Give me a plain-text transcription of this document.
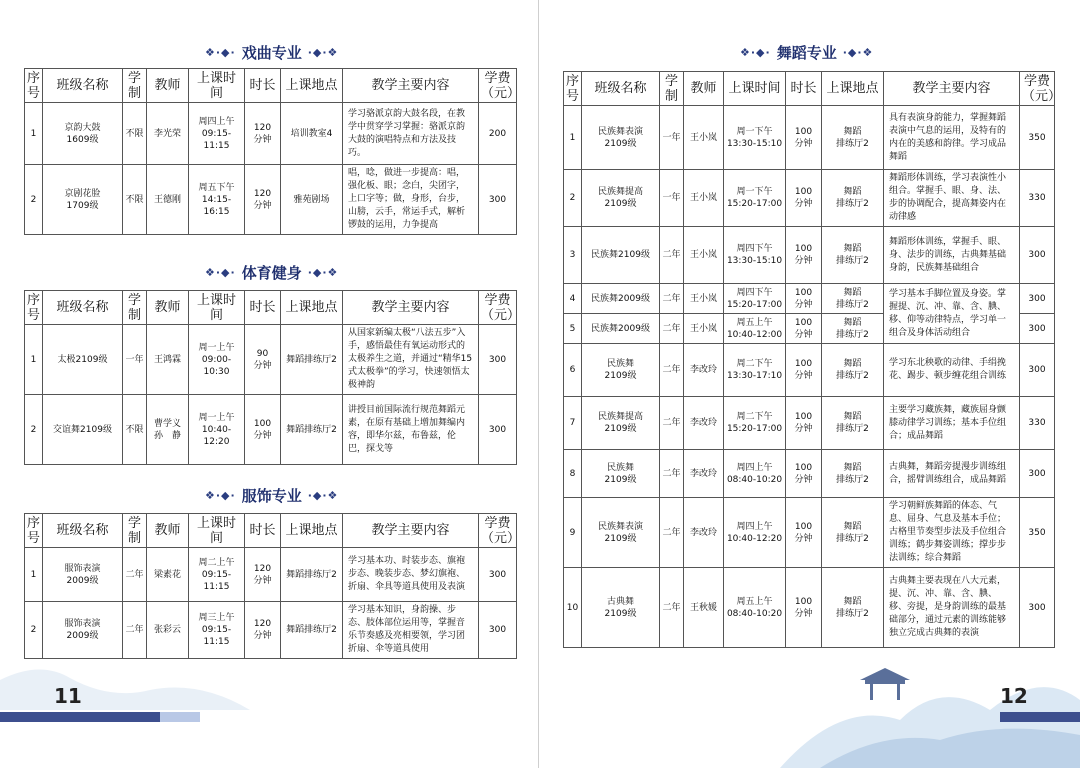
❖·◆· 戏曲专业 ·◆·❖
序
号	班级名称	学
制	教师	上课时间	时长	上课地点	教学主要内容	学费
（元）
1	京韵大鼓
1609级	不限	李光荣	周四上午
09:15-11:15	120
分钟	培训教室4	学习骆派京韵大鼓名段，在教学中贯穿学习掌握：骆派京韵大鼓的演唱特点和方法及技巧。	200
2	京剧花脸
1709级	不限	王德刚	周五下午
14:15-16:15	120
分钟	雅苑剧场	唱，唸，做进一步提高：唱，强化板、眼；念白，尖团字，上口字等；做，身形，台步，山膀，云手，常运手式，解析锣鼓的运用，力争提高	300
❖·◆· 体育健身 ·◆·❖
序
号	班级名称	学
制	教师	上课时间	时长	上课地点	教学主要内容	学费
（元）
1	太极2109级	一年	王鸿霖	周一上午
09:00-10:30	90
分钟	舞蹈排练厅2	从国家新编太极“八法五步”入手，感悟最佳有氧运动形式的太极养生之道，并通过“精华15式太极拳”的学习，快速领悟太极神韵	300
2	交谊舞2109级	不限	曹学义
孙　静	周一上午
10:40-12:20	100
分钟	舞蹈排练厅2	讲授目前国际流行规范舞蹈元素，在原有基础上增加舞编内容，即华尔兹，布鲁兹，伦巴，探戈等	300
❖·◆· 服饰专业 ·◆·❖
序
号	班级名称	学
制	教师	上课时间	时长	上课地点	教学主要内容	学费
（元）
1	服饰表演
2009级	二年	梁素花	周二上午
09:15-11:15	120
分钟	舞蹈排练厅2	学习基本功、时装步态、旗袍步态、晚装步态、梦幻旗袍、折扇、伞具等道具使用及表演	300
2	服饰表演
2009级	二年	张彩云	周三上午
09:15-11:15	120
分钟	舞蹈排练厅2	学习基本知识，身韵操、步态、肢体部位运用等，掌握音乐节奏感及亮相要领，学习团折扇、伞等道具使用	300
11
❖·◆· 舞蹈专业 ·◆·❖
序
号	班级名称	学
制	教师	上课时间	时长	上课地点	教学主要内容	学费
（元）
1	民族舞表演
2109级	一年	王小岚	周一下午
13:30-15:10	100
分钟	舞蹈
排练厅2	具有表演身韵能力，掌握舞蹈表演中气息的运用，及特有的内在的美感和韵律。学习成品舞蹈	350
2	民族舞提高
2109级	一年	王小岚	周一下午
15:20-17:00	100
分钟	舞蹈
排练厅2	舞蹈形体训练，学习表演性小组合。掌握手、眼、身、法、步的协调配合，提高舞姿内在动律感	330
3	民族舞2109级	二年	王小岚	周四下午
13:30-15:10	100
分钟	舞蹈
排练厅2	舞蹈形体训练，掌握手、眼、身、法步的训练，古典舞基础身韵，民族舞基础组合	300
4	民族舞2009级	二年	王小岚	周四下午
15:20-17:00	100
分钟	舞蹈
排练厅2	学习基本手脚位置及身姿。掌握提、沉、冲、靠、含、腆、移、仰等动律特点，学习单一组合及身体活动组合	300
5	民族舞2009级	二年	王小岚	周五上午
10:40-12:00	100
分钟	舞蹈
排练厅2		300
6	民族舞
2109级	二年	李改玲	周二下午
13:30-17:10	100
分钟	舞蹈
排练厅2	学习东北秧歌的动律、手绢挽花、踢步、顿步缠花组合训练	300
7	民族舞提高
2109级	二年	李改玲	周二下午
15:20-17:00	100
分钟	舞蹈
排练厅2	主要学习藏族舞，藏族屈身颤膝动律学习训练；基本手位组合；成品舞蹈	330
8	民族舞
2109级	二年	李改玲	周四上午
08:40-10:20	100
分钟	舞蹈
排练厅2	古典舞，舞蹈旁提漫步训练组合，摇臂训练组合，成品舞蹈	300
9	民族舞表演
2109级	二年	李改玲	周四上午
10:40-12:20	100
分钟	舞蹈
排练厅2	学习朝鲜族舞蹈的体态、气息、屈身、气息及基本手位；古格里节奏型步法及手位组合训练；鹤步舞姿训练；撑步步法训练；综合舞蹈	350
10	古典舞
2109级	二年	王秋媛	周五上午
08:40-10:20	100
分钟	舞蹈
排练厅2	古典舞主要表现在八大元素，提、沉、冲、靠、含、腆、移、旁提，是身韵训练的最基础部分，通过元素的训练能够独立完成古典舞的表演	300
12
